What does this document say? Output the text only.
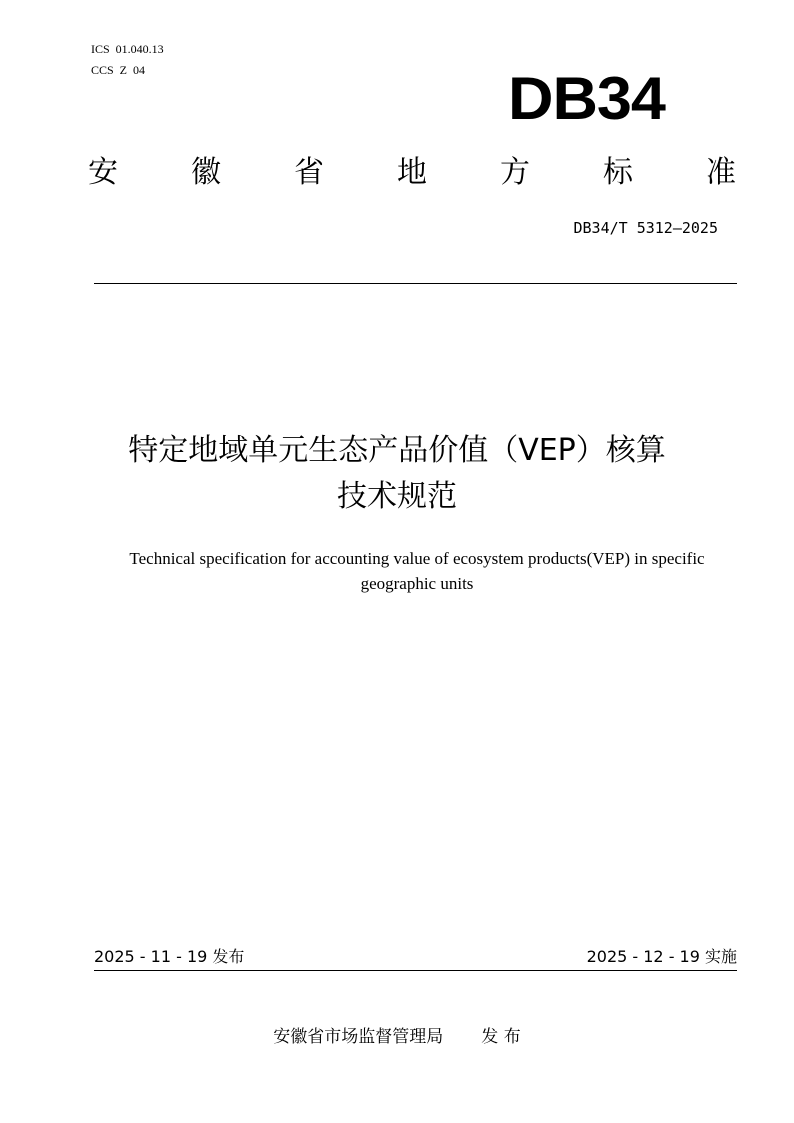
ICS  01.040.13
CCS  Z  04	DB34
安 徽 省 地 方 标 准
DB34/T 5312—2025
特定地域单元生态产品价值（VEP）核算
技术规范
Technical specification for accounting value of ecosystem products(VEP) in specific
geographic units
2025 - 11 - 19 发布	2025 - 12 - 19 实施
安徽省市场监督管理局 发 布
